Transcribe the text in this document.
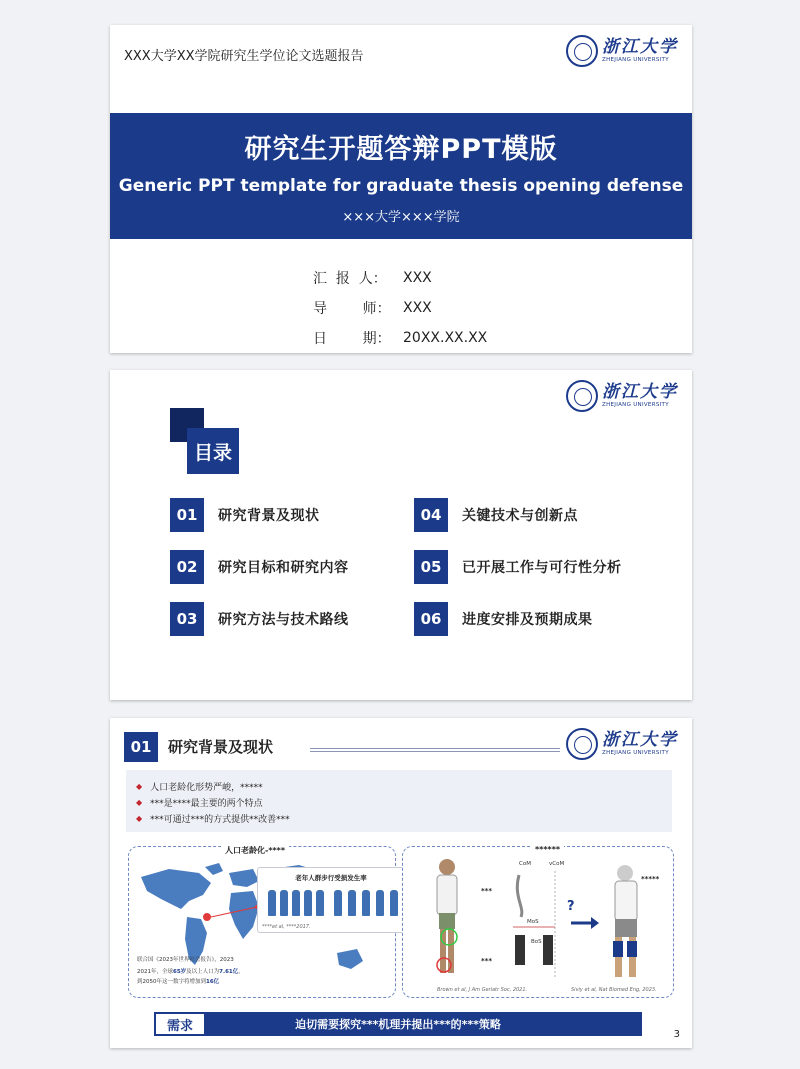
XXX大学XX学院研究生学位论文选题报告	浙江大学
ZHEJIANG UNIVERSITY
研究生开题答辩PPT模版
Generic PPT template for graduate thesis opening defense
×××大学×××学院
汇  报  人：	XXX
导        师： XXX
日        期： 20XX.XX.XX
浙江大学
ZHEJIANG UNIVERSITY
目录
01	研究背景及现状
02	研究目标和研究内容
03	研究方法与技术路线
04	关键技术与创新点
05	已开展工作与可行性分析
06	进度安排及预期成果
01	研究背景及现状	浙江大学
ZHEJIANG UNIVERSITY
◆ 人口老龄化形势严峻，*****
◆ ***是****最主要的两个特点
◆ ***可通过***的方式提供**改善***
人口老龄化-****
老年人群步行受损发生率
****et al, ****2017.
联合国《2023年世界社会报告》，2023
2021年，全球65岁及以上人口为7.61亿，
到2050年这一数字将增加到16亿
******
***
***
*****
?
CoM	vCoM
MoS
BoS
Brown et al, J Am Geriatr Soc, 2021.	Siviy et al, Nat Biomed Eng, 2023.
迫切需要探究***机理并提出***的***策略
需求
3
